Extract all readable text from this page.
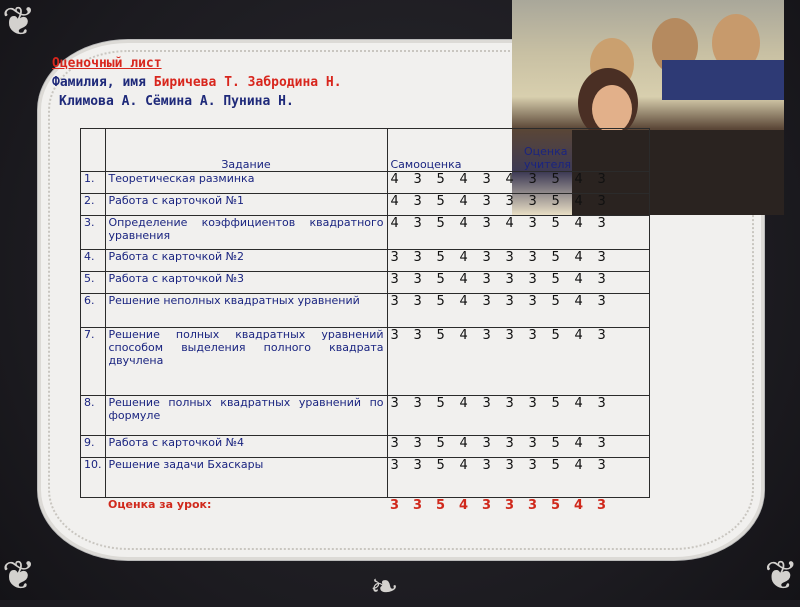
❦
❦	❦
❧
Оценочный лист
Фамилия, имя Биричева Т. Забродина Н.
Климова А. Сёмина А. Пунина Н.
	Задание	Самооценка Оценка учителя
1.	Теоретическая разминка	4 3 5 4 3 4 3 5 4 3
2.	Работа с карточкой №1	4 3 5 4 3 3 3 5 4 3
3.	Определение коэффициентов квадратного уравнения	4 3 5 4 3 4 3 5 4 3
4.	Работа с карточкой №2	3 3 5 4 3 3 3 5 4 3
5.	Работа с карточкой №3	3 3 5 4 3 3 3 5 4 3
6.	Решение неполных квадратных уравнений	3 3 5 4 3 3 3 5 4 3
7.	Решение полных квадратных уравнений способом выделения полного квадрата двучлена	3 3 5 4 3 3 3 5 4 3
8.	Решение полных квадратных уравнений по формуле	3 3 5 4 3 3 3 5 4 3
9.	Работа с карточкой №4	3 3 5 4 3 3 3 5 4 3
10.	Решение задачи Бхаскары	3 3 5 4 3 3 3 5 4 3
	Оценка за урок:	3 3 5 4 3 3 3 5 4 3
